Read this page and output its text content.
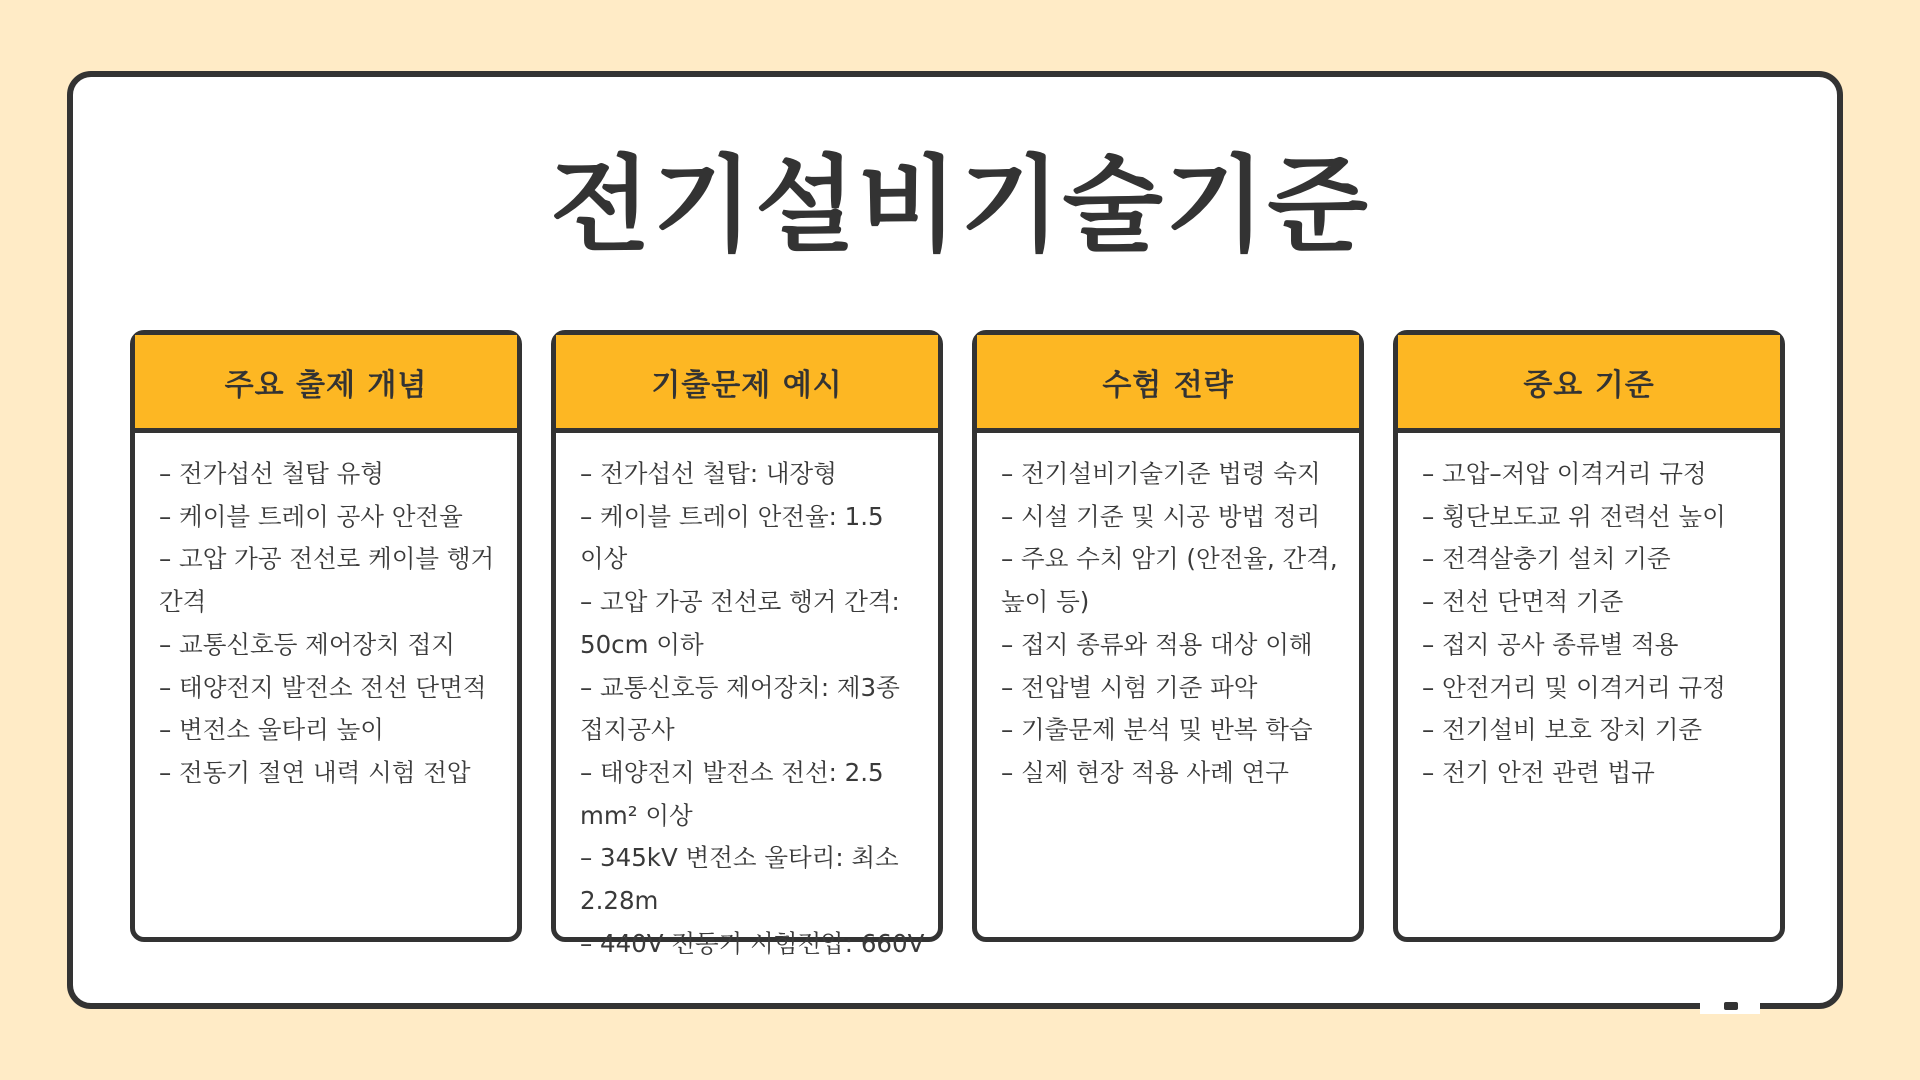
전기설비기술기준
주요 출제 개념
– 전가섭선 철탑 유형
– 케이블 트레이 공사 안전율
– 고압 가공 전선로 케이블 행거 간격
– 교통신호등 제어장치 접지
– 태양전지 발전소 전선 단면적
– 변전소 울타리 높이
– 전동기 절연 내력 시험 전압
기출문제 예시
– 전가섭선 철탑: 내장형
– 케이블 트레이 안전율: 1.5 이상
– 고압 가공 전선로 행거 간격: 50cm 이하
– 교통신호등 제어장치: 제3종 접지공사
– 태양전지 발전소 전선: 2.5 mm² 이상
– 345kV 변전소 울타리: 최소 2.28m
– 440V 전동기 시험전압: 660V
수험 전략
– 전기설비기술기준 법령 숙지
– 시설 기준 및 시공 방법 정리
– 주요 수치 암기 (안전율, 간격, 높이 등)
– 접지 종류와 적용 대상 이해
– 전압별 시험 기준 파악
– 기출문제 분석 및 반복 학습
– 실제 현장 적용 사례 연구
중요 기준
– 고압–저압 이격거리 규정
– 횡단보도교 위 전력선 높이
– 전격살충기 설치 기준
– 전선 단면적 기준
– 접지 공사 종류별 적용
– 안전거리 및 이격거리 규정
– 전기설비 보호 장치 기준
– 전기 안전 관련 법규
